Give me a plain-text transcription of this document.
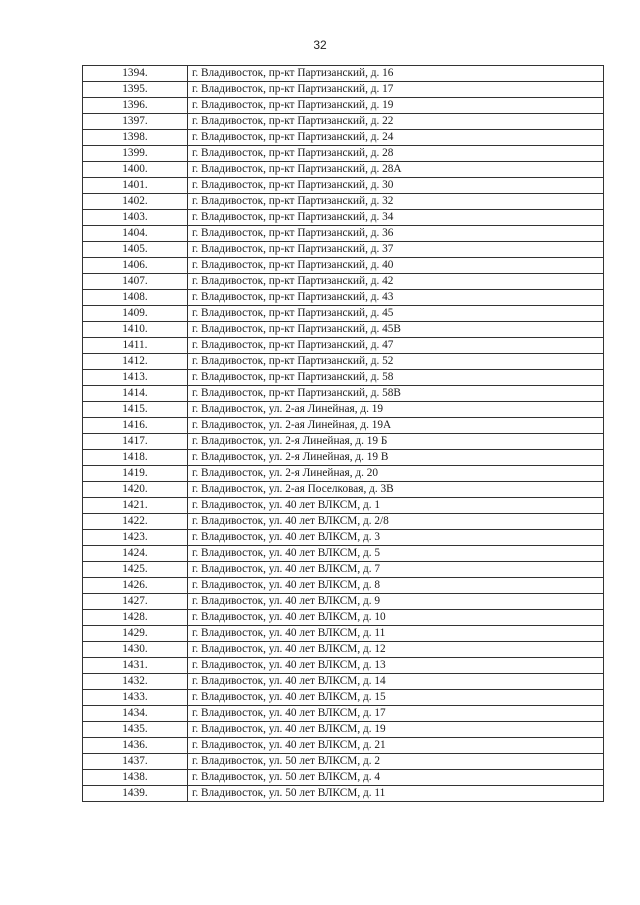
32
1394.	г. Владивосток, пр-кт Партизанский, д. 16
1395.	г. Владивосток, пр-кт Партизанский, д. 17
1396.	г. Владивосток, пр-кт Партизанский, д. 19
1397.	г. Владивосток, пр-кт Партизанский, д. 22
1398.	г. Владивосток, пр-кт Партизанский, д. 24
1399.	г. Владивосток, пр-кт Партизанский, д. 28
1400.	г. Владивосток, пр-кт Партизанский, д. 28А
1401.	г. Владивосток, пр-кт Партизанский, д. 30
1402.	г. Владивосток, пр-кт Партизанский, д. 32
1403.	г. Владивосток, пр-кт Партизанский, д. 34
1404.	г. Владивосток, пр-кт Партизанский, д. 36
1405.	г. Владивосток, пр-кт Партизанский, д. 37
1406.	г. Владивосток, пр-кт Партизанский, д. 40
1407.	г. Владивосток, пр-кт Партизанский, д. 42
1408.	г. Владивосток, пр-кт Партизанский, д. 43
1409.	г. Владивосток, пр-кт Партизанский, д. 45
1410.	г. Владивосток, пр-кт Партизанский, д. 45В
1411.	г. Владивосток, пр-кт Партизанский, д. 47
1412.	г. Владивосток, пр-кт Партизанский, д. 52
1413.	г. Владивосток, пр-кт Партизанский, д. 58
1414.	г. Владивосток, пр-кт Партизанский, д. 58В
1415.	г. Владивосток, ул. 2-ая Линейная, д. 19
1416.	г. Владивосток, ул. 2-ая Линейная, д. 19А
1417.	г. Владивосток, ул. 2-я Линейная, д. 19 Б
1418.	г. Владивосток, ул. 2-я Линейная, д. 19 В
1419.	г. Владивосток, ул. 2-я Линейная, д. 20
1420.	г. Владивосток, ул. 2-ая Поселковая, д. 3В
1421.	г. Владивосток, ул. 40 лет ВЛКСМ, д. 1
1422.	г. Владивосток, ул. 40 лет ВЛКСМ, д. 2/8
1423.	г. Владивосток, ул. 40 лет ВЛКСМ, д. 3
1424.	г. Владивосток, ул. 40 лет ВЛКСМ, д. 5
1425.	г. Владивосток, ул. 40 лет ВЛКСМ, д. 7
1426.	г. Владивосток, ул. 40 лет ВЛКСМ, д. 8
1427.	г. Владивосток, ул. 40 лет ВЛКСМ, д. 9
1428.	г. Владивосток, ул. 40 лет ВЛКСМ, д. 10
1429.	г. Владивосток, ул. 40 лет ВЛКСМ, д. 11
1430.	г. Владивосток, ул. 40 лет ВЛКСМ, д. 12
1431.	г. Владивосток, ул. 40 лет ВЛКСМ, д. 13
1432.	г. Владивосток, ул. 40 лет ВЛКСМ, д. 14
1433.	г. Владивосток, ул. 40 лет ВЛКСМ, д. 15
1434.	г. Владивосток, ул. 40 лет ВЛКСМ, д. 17
1435.	г. Владивосток, ул. 40 лет ВЛКСМ, д. 19
1436.	г. Владивосток, ул. 40 лет ВЛКСМ, д. 21
1437.	г. Владивосток, ул. 50 лет ВЛКСМ, д. 2
1438.	г. Владивосток, ул. 50 лет ВЛКСМ, д. 4
1439.	г. Владивосток, ул. 50 лет ВЛКСМ, д. 11
